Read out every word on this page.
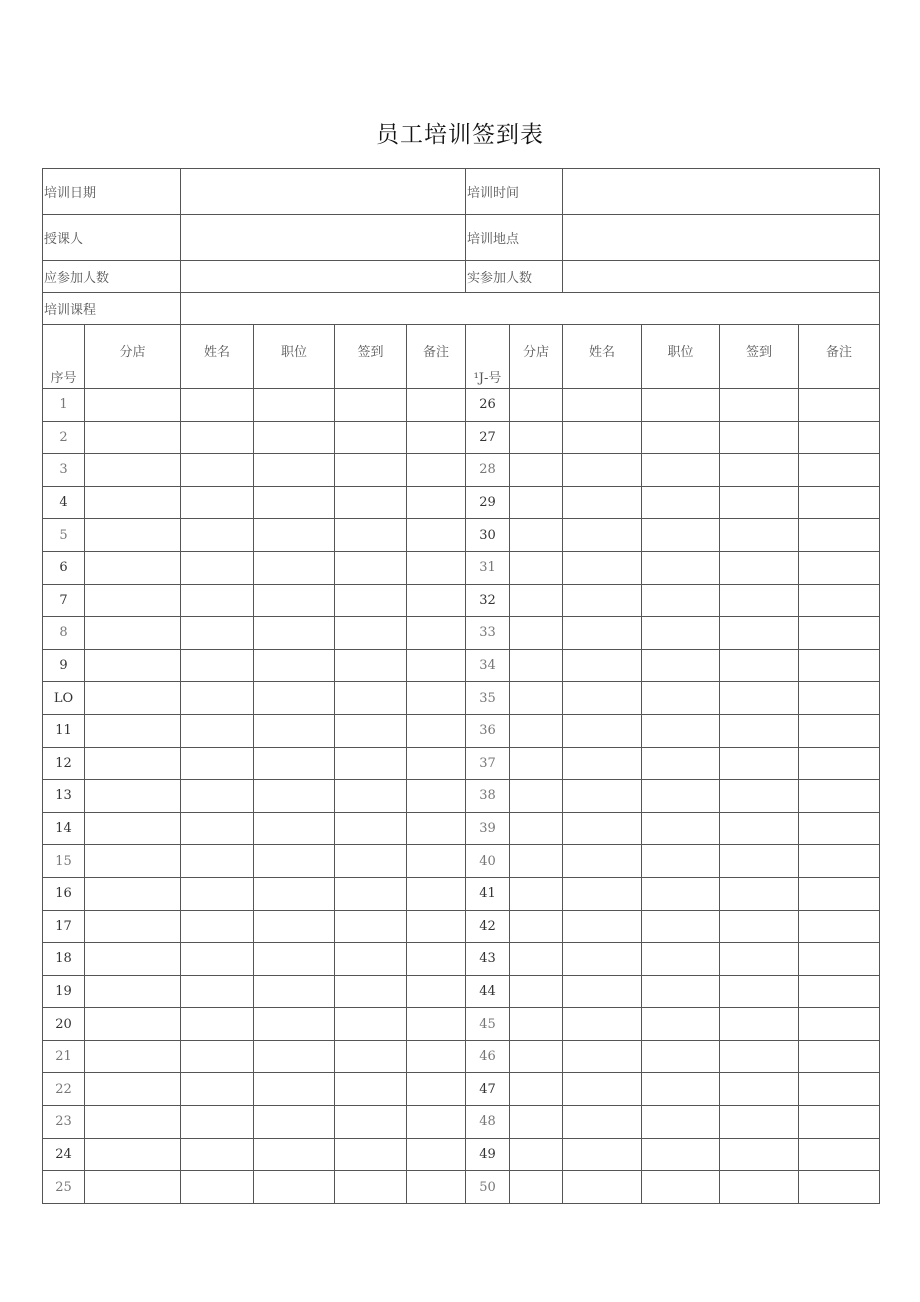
员工培训签到表
培训日期						培训时间					
授课人						培训地点					
应参加人数						实参加人数					
培训课程											
序号	分店	姓名	职位	签到	备注	¹J-号	分店	姓名	职位	签到	备注
1						26					
2						27					
3						28					
4						29					
5						30					
6						31					
7						32					
8						33					
9						34					
LO						35					
11						36					
12						37					
13						38					
14						39					
15						40					
16						41					
17						42					
18						43					
19						44					
20						45					
21						46					
22						47					
23						48					
24						49					
25						50					
